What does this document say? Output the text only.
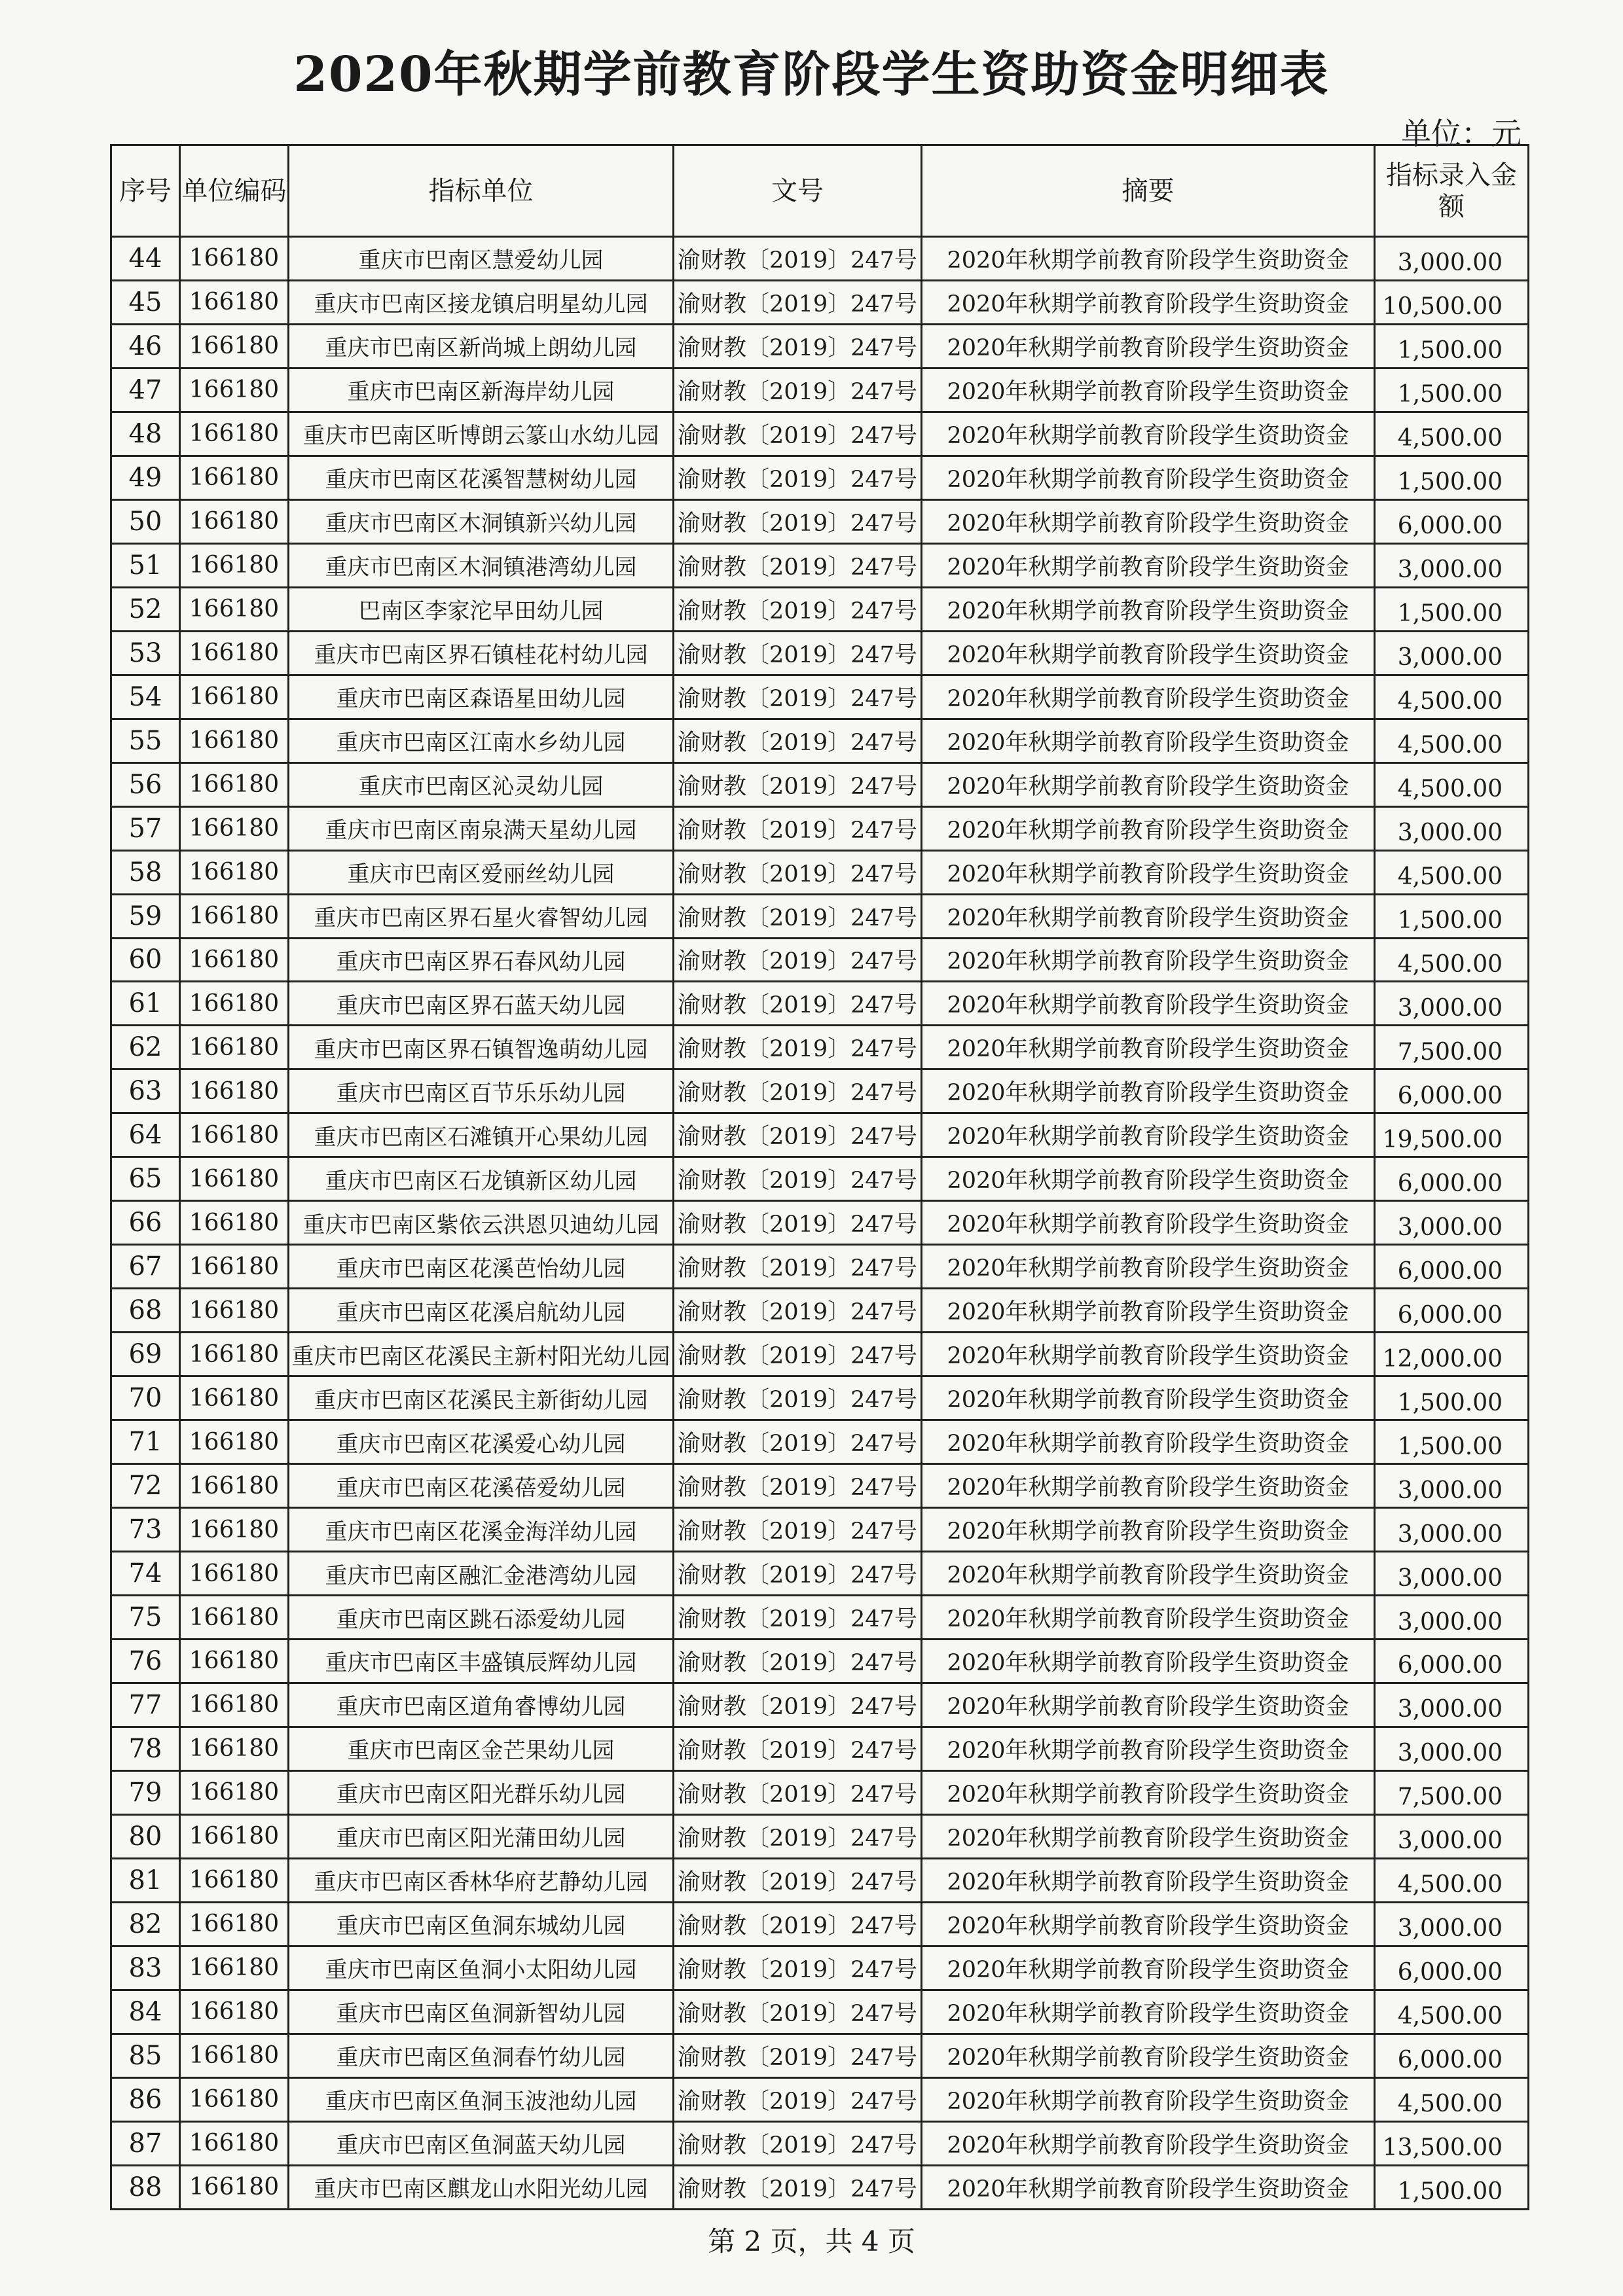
2020年秋期学前教育阶段学生资助资金明细表
单位：元
序号	单位编码	指标单位	文号	摘要	指标录入金额
44	166180	重庆市巴南区慧爱幼儿园	渝财教〔2019〕247号	2020年秋期学前教育阶段学生资助资金	3,000.00
45	166180	重庆市巴南区接龙镇启明星幼儿园	渝财教〔2019〕247号	2020年秋期学前教育阶段学生资助资金	10,500.00
46	166180	重庆市巴南区新尚城上朗幼儿园	渝财教〔2019〕247号	2020年秋期学前教育阶段学生资助资金	1,500.00
47	166180	重庆市巴南区新海岸幼儿园	渝财教〔2019〕247号	2020年秋期学前教育阶段学生资助资金	1,500.00
48	166180	重庆市巴南区昕博朗云篆山水幼儿园	渝财教〔2019〕247号	2020年秋期学前教育阶段学生资助资金	4,500.00
49	166180	重庆市巴南区花溪智慧树幼儿园	渝财教〔2019〕247号	2020年秋期学前教育阶段学生资助资金	1,500.00
50	166180	重庆市巴南区木洞镇新兴幼儿园	渝财教〔2019〕247号	2020年秋期学前教育阶段学生资助资金	6,000.00
51	166180	重庆市巴南区木洞镇港湾幼儿园	渝财教〔2019〕247号	2020年秋期学前教育阶段学生资助资金	3,000.00
52	166180	巴南区李家沱早田幼儿园	渝财教〔2019〕247号	2020年秋期学前教育阶段学生资助资金	1,500.00
53	166180	重庆市巴南区界石镇桂花村幼儿园	渝财教〔2019〕247号	2020年秋期学前教育阶段学生资助资金	3,000.00
54	166180	重庆市巴南区森语星田幼儿园	渝财教〔2019〕247号	2020年秋期学前教育阶段学生资助资金	4,500.00
55	166180	重庆市巴南区江南水乡幼儿园	渝财教〔2019〕247号	2020年秋期学前教育阶段学生资助资金	4,500.00
56	166180	重庆市巴南区沁灵幼儿园	渝财教〔2019〕247号	2020年秋期学前教育阶段学生资助资金	4,500.00
57	166180	重庆市巴南区南泉满天星幼儿园	渝财教〔2019〕247号	2020年秋期学前教育阶段学生资助资金	3,000.00
58	166180	重庆市巴南区爱丽丝幼儿园	渝财教〔2019〕247号	2020年秋期学前教育阶段学生资助资金	4,500.00
59	166180	重庆市巴南区界石星火睿智幼儿园	渝财教〔2019〕247号	2020年秋期学前教育阶段学生资助资金	1,500.00
60	166180	重庆市巴南区界石春风幼儿园	渝财教〔2019〕247号	2020年秋期学前教育阶段学生资助资金	4,500.00
61	166180	重庆市巴南区界石蓝天幼儿园	渝财教〔2019〕247号	2020年秋期学前教育阶段学生资助资金	3,000.00
62	166180	重庆市巴南区界石镇智逸萌幼儿园	渝财教〔2019〕247号	2020年秋期学前教育阶段学生资助资金	7,500.00
63	166180	重庆市巴南区百节乐乐幼儿园	渝财教〔2019〕247号	2020年秋期学前教育阶段学生资助资金	6,000.00
64	166180	重庆市巴南区石滩镇开心果幼儿园	渝财教〔2019〕247号	2020年秋期学前教育阶段学生资助资金	19,500.00
65	166180	重庆市巴南区石龙镇新区幼儿园	渝财教〔2019〕247号	2020年秋期学前教育阶段学生资助资金	6,000.00
66	166180	重庆市巴南区紫依云洪恩贝迪幼儿园	渝财教〔2019〕247号	2020年秋期学前教育阶段学生资助资金	3,000.00
67	166180	重庆市巴南区花溪芭怡幼儿园	渝财教〔2019〕247号	2020年秋期学前教育阶段学生资助资金	6,000.00
68	166180	重庆市巴南区花溪启航幼儿园	渝财教〔2019〕247号	2020年秋期学前教育阶段学生资助资金	6,000.00
69	166180	重庆市巴南区花溪民主新村阳光幼儿园	渝财教〔2019〕247号	2020年秋期学前教育阶段学生资助资金	12,000.00
70	166180	重庆市巴南区花溪民主新街幼儿园	渝财教〔2019〕247号	2020年秋期学前教育阶段学生资助资金	1,500.00
71	166180	重庆市巴南区花溪爱心幼儿园	渝财教〔2019〕247号	2020年秋期学前教育阶段学生资助资金	1,500.00
72	166180	重庆市巴南区花溪蓓爱幼儿园	渝财教〔2019〕247号	2020年秋期学前教育阶段学生资助资金	3,000.00
73	166180	重庆市巴南区花溪金海洋幼儿园	渝财教〔2019〕247号	2020年秋期学前教育阶段学生资助资金	3,000.00
74	166180	重庆市巴南区融汇金港湾幼儿园	渝财教〔2019〕247号	2020年秋期学前教育阶段学生资助资金	3,000.00
75	166180	重庆市巴南区跳石添爱幼儿园	渝财教〔2019〕247号	2020年秋期学前教育阶段学生资助资金	3,000.00
76	166180	重庆市巴南区丰盛镇辰辉幼儿园	渝财教〔2019〕247号	2020年秋期学前教育阶段学生资助资金	6,000.00
77	166180	重庆市巴南区道角睿博幼儿园	渝财教〔2019〕247号	2020年秋期学前教育阶段学生资助资金	3,000.00
78	166180	重庆市巴南区金芒果幼儿园	渝财教〔2019〕247号	2020年秋期学前教育阶段学生资助资金	3,000.00
79	166180	重庆市巴南区阳光群乐幼儿园	渝财教〔2019〕247号	2020年秋期学前教育阶段学生资助资金	7,500.00
80	166180	重庆市巴南区阳光蒲田幼儿园	渝财教〔2019〕247号	2020年秋期学前教育阶段学生资助资金	3,000.00
81	166180	重庆市巴南区香林华府艺静幼儿园	渝财教〔2019〕247号	2020年秋期学前教育阶段学生资助资金	4,500.00
82	166180	重庆市巴南区鱼洞东城幼儿园	渝财教〔2019〕247号	2020年秋期学前教育阶段学生资助资金	3,000.00
83	166180	重庆市巴南区鱼洞小太阳幼儿园	渝财教〔2019〕247号	2020年秋期学前教育阶段学生资助资金	6,000.00
84	166180	重庆市巴南区鱼洞新智幼儿园	渝财教〔2019〕247号	2020年秋期学前教育阶段学生资助资金	4,500.00
85	166180	重庆市巴南区鱼洞春竹幼儿园	渝财教〔2019〕247号	2020年秋期学前教育阶段学生资助资金	6,000.00
86	166180	重庆市巴南区鱼洞玉波池幼儿园	渝财教〔2019〕247号	2020年秋期学前教育阶段学生资助资金	4,500.00
87	166180	重庆市巴南区鱼洞蓝天幼儿园	渝财教〔2019〕247号	2020年秋期学前教育阶段学生资助资金	13,500.00
88	166180	重庆市巴南区麒龙山水阳光幼儿园	渝财教〔2019〕247号	2020年秋期学前教育阶段学生资助资金	1,500.00
第 2 页，共 4 页
